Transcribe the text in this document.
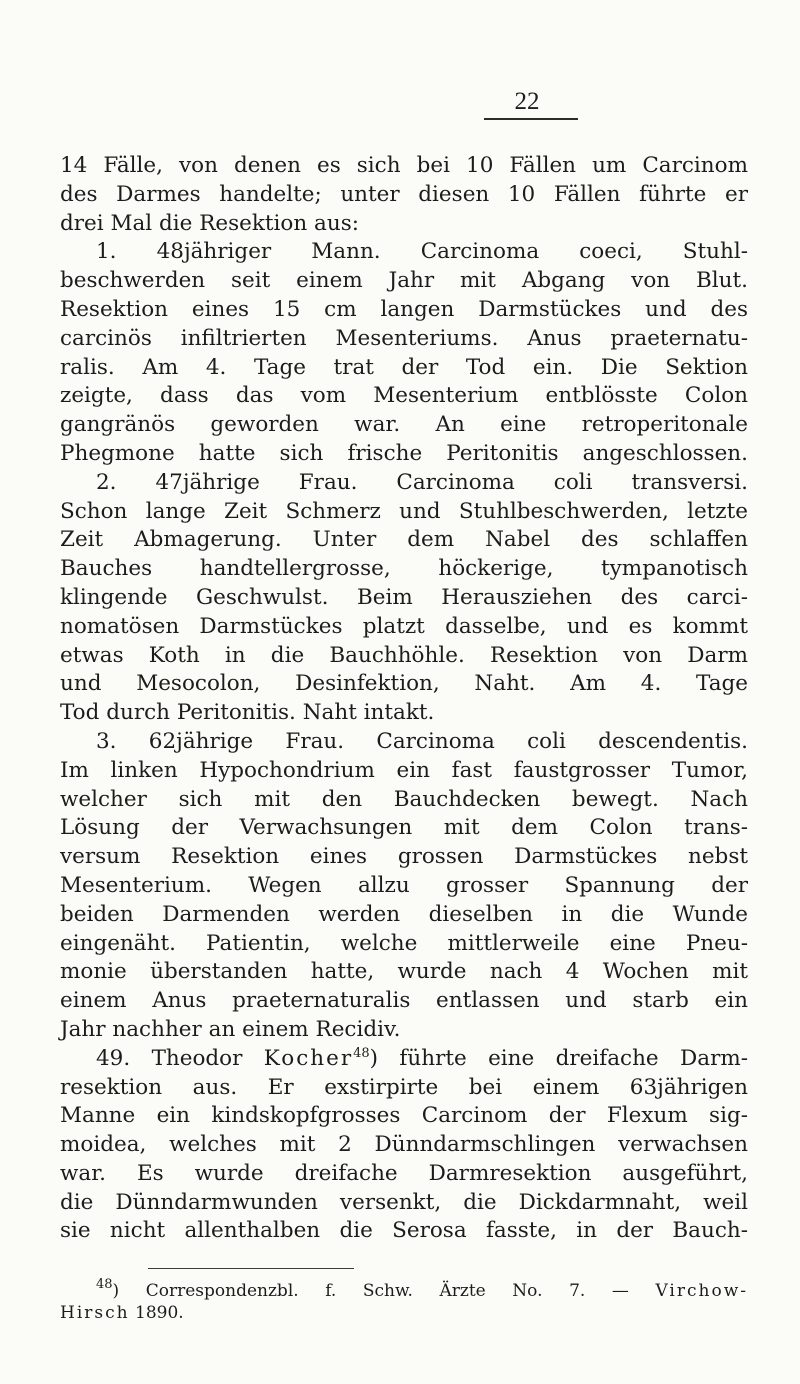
22
14 Fälle, von denen es sich bei 10 Fällen um Carcinom
des Darmes handelte; unter diesen 10 Fällen führte er
drei Mal die Resektion aus:
1. 48jähriger Mann. Carcinoma coeci, Stuhl-
beschwerden seit einem Jahr mit Abgang von Blut.
Resektion eines 15 cm langen Darmstückes und des
carcinös infiltrierten Mesenteriums. Anus praeternatu-
ralis. Am 4. Tage trat der Tod ein. Die Sektion
zeigte, dass das vom Mesenterium entblösste Colon
gangränös geworden war. An eine retroperitonale
Phegmone hatte sich frische Peritonitis angeschlossen.
2. 47jährige Frau. Carcinoma coli transversi.
Schon lange Zeit Schmerz und Stuhlbeschwerden, letzte
Zeit Abmagerung. Unter dem Nabel des schlaffen
Bauches handtellergrosse, höckerige, tympanotisch
klingende Geschwulst. Beim Herausziehen des carci-
nomatösen Darmstückes platzt dasselbe, und es kommt
etwas Koth in die Bauchhöhle. Resektion von Darm
und Mesocolon, Desinfektion, Naht. Am 4. Tage
Tod durch Peritonitis. Naht intakt.
3. 62jährige Frau. Carcinoma coli descendentis.
Im linken Hypochondrium ein fast faustgrosser Tumor,
welcher sich mit den Bauchdecken bewegt. Nach
Lösung der Verwachsungen mit dem Colon trans-
versum Resektion eines grossen Darmstückes nebst
Mesenterium. Wegen allzu grosser Spannung der
beiden Darmenden werden dieselben in die Wunde
eingenäht. Patientin, welche mittlerweile eine Pneu-
monie überstanden hatte, wurde nach 4 Wochen mit
einem Anus praeternaturalis entlassen und starb ein
Jahr nachher an einem Recidiv.
49. Theodor Kocher$^{48}$) führte eine dreifache Darm-
resektion aus. Er exstirpirte bei einem 63jährigen
Manne ein kindskopfgrosses Carcinom der Flexum sig-
moidea, welches mit 2 Dünndarmschlingen verwachsen
war. Es wurde dreifache Darmresektion ausgeführt,
die Dünndarmwunden versenkt, die Dickdarmnaht, weil
sie nicht allenthalben die Serosa fasste, in der Bauch-
$^{48}$) Correspondenzbl. f. Schw. Ärzte No. 7. — Virchow-
Hirsch 1890.
